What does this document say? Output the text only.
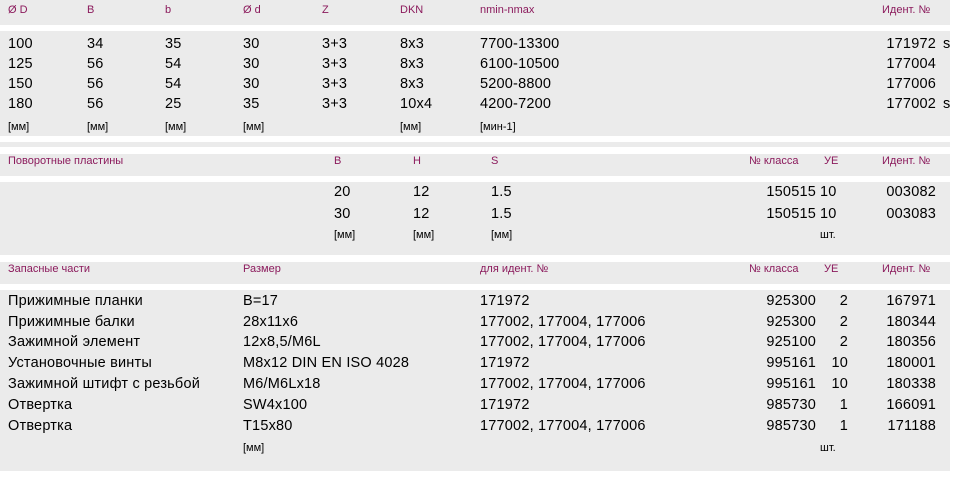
Ø D	B	b	Ø d	Z	DKN	nmin-nmax	Идент. №
100	34	35	30	3+3	8x3	7700-13300	171972 s
125	56	54	30	3+3	8x3	6100-10500	177004
150	56	54	30	3+3	8x3	5200-8800	177006
180	56	25	35	3+3	10x4	4200-7200	177002 s
[мм]	[мм]	[мм]	[мм]	[мм]	[мин-1]
Поворотные пластины	B	H	S	№ класса УЕ	Идент. №
20	12	1.5	150515 10	003082
30	12	1.5	150515 10	003083
[мм]	[мм]	[мм]	шт.
Запасные части	Размер	для идент. №	№ класса УЕ	Идент. №
Прижимные планки	B=17	171972	925300 2	167971
Прижимные балки	28x11x6	177002, 177004, 177006	925300 2	180344
Зажимной элемент	12x8,5/M6L	177002, 177004, 177006	925100 2	180356
Установочные винты	M8x12 DIN EN ISO 4028	171972	995161 10	180001
Зажимной штифт с резьбой	M6/M6Lx18	177002, 177004, 177006	995161 10	180338
Отвертка	SW4x100	171972	985730 1	166091
Отвертка	T15x80	177002, 177004, 177006	985730 1	171188
[мм]	шт.
